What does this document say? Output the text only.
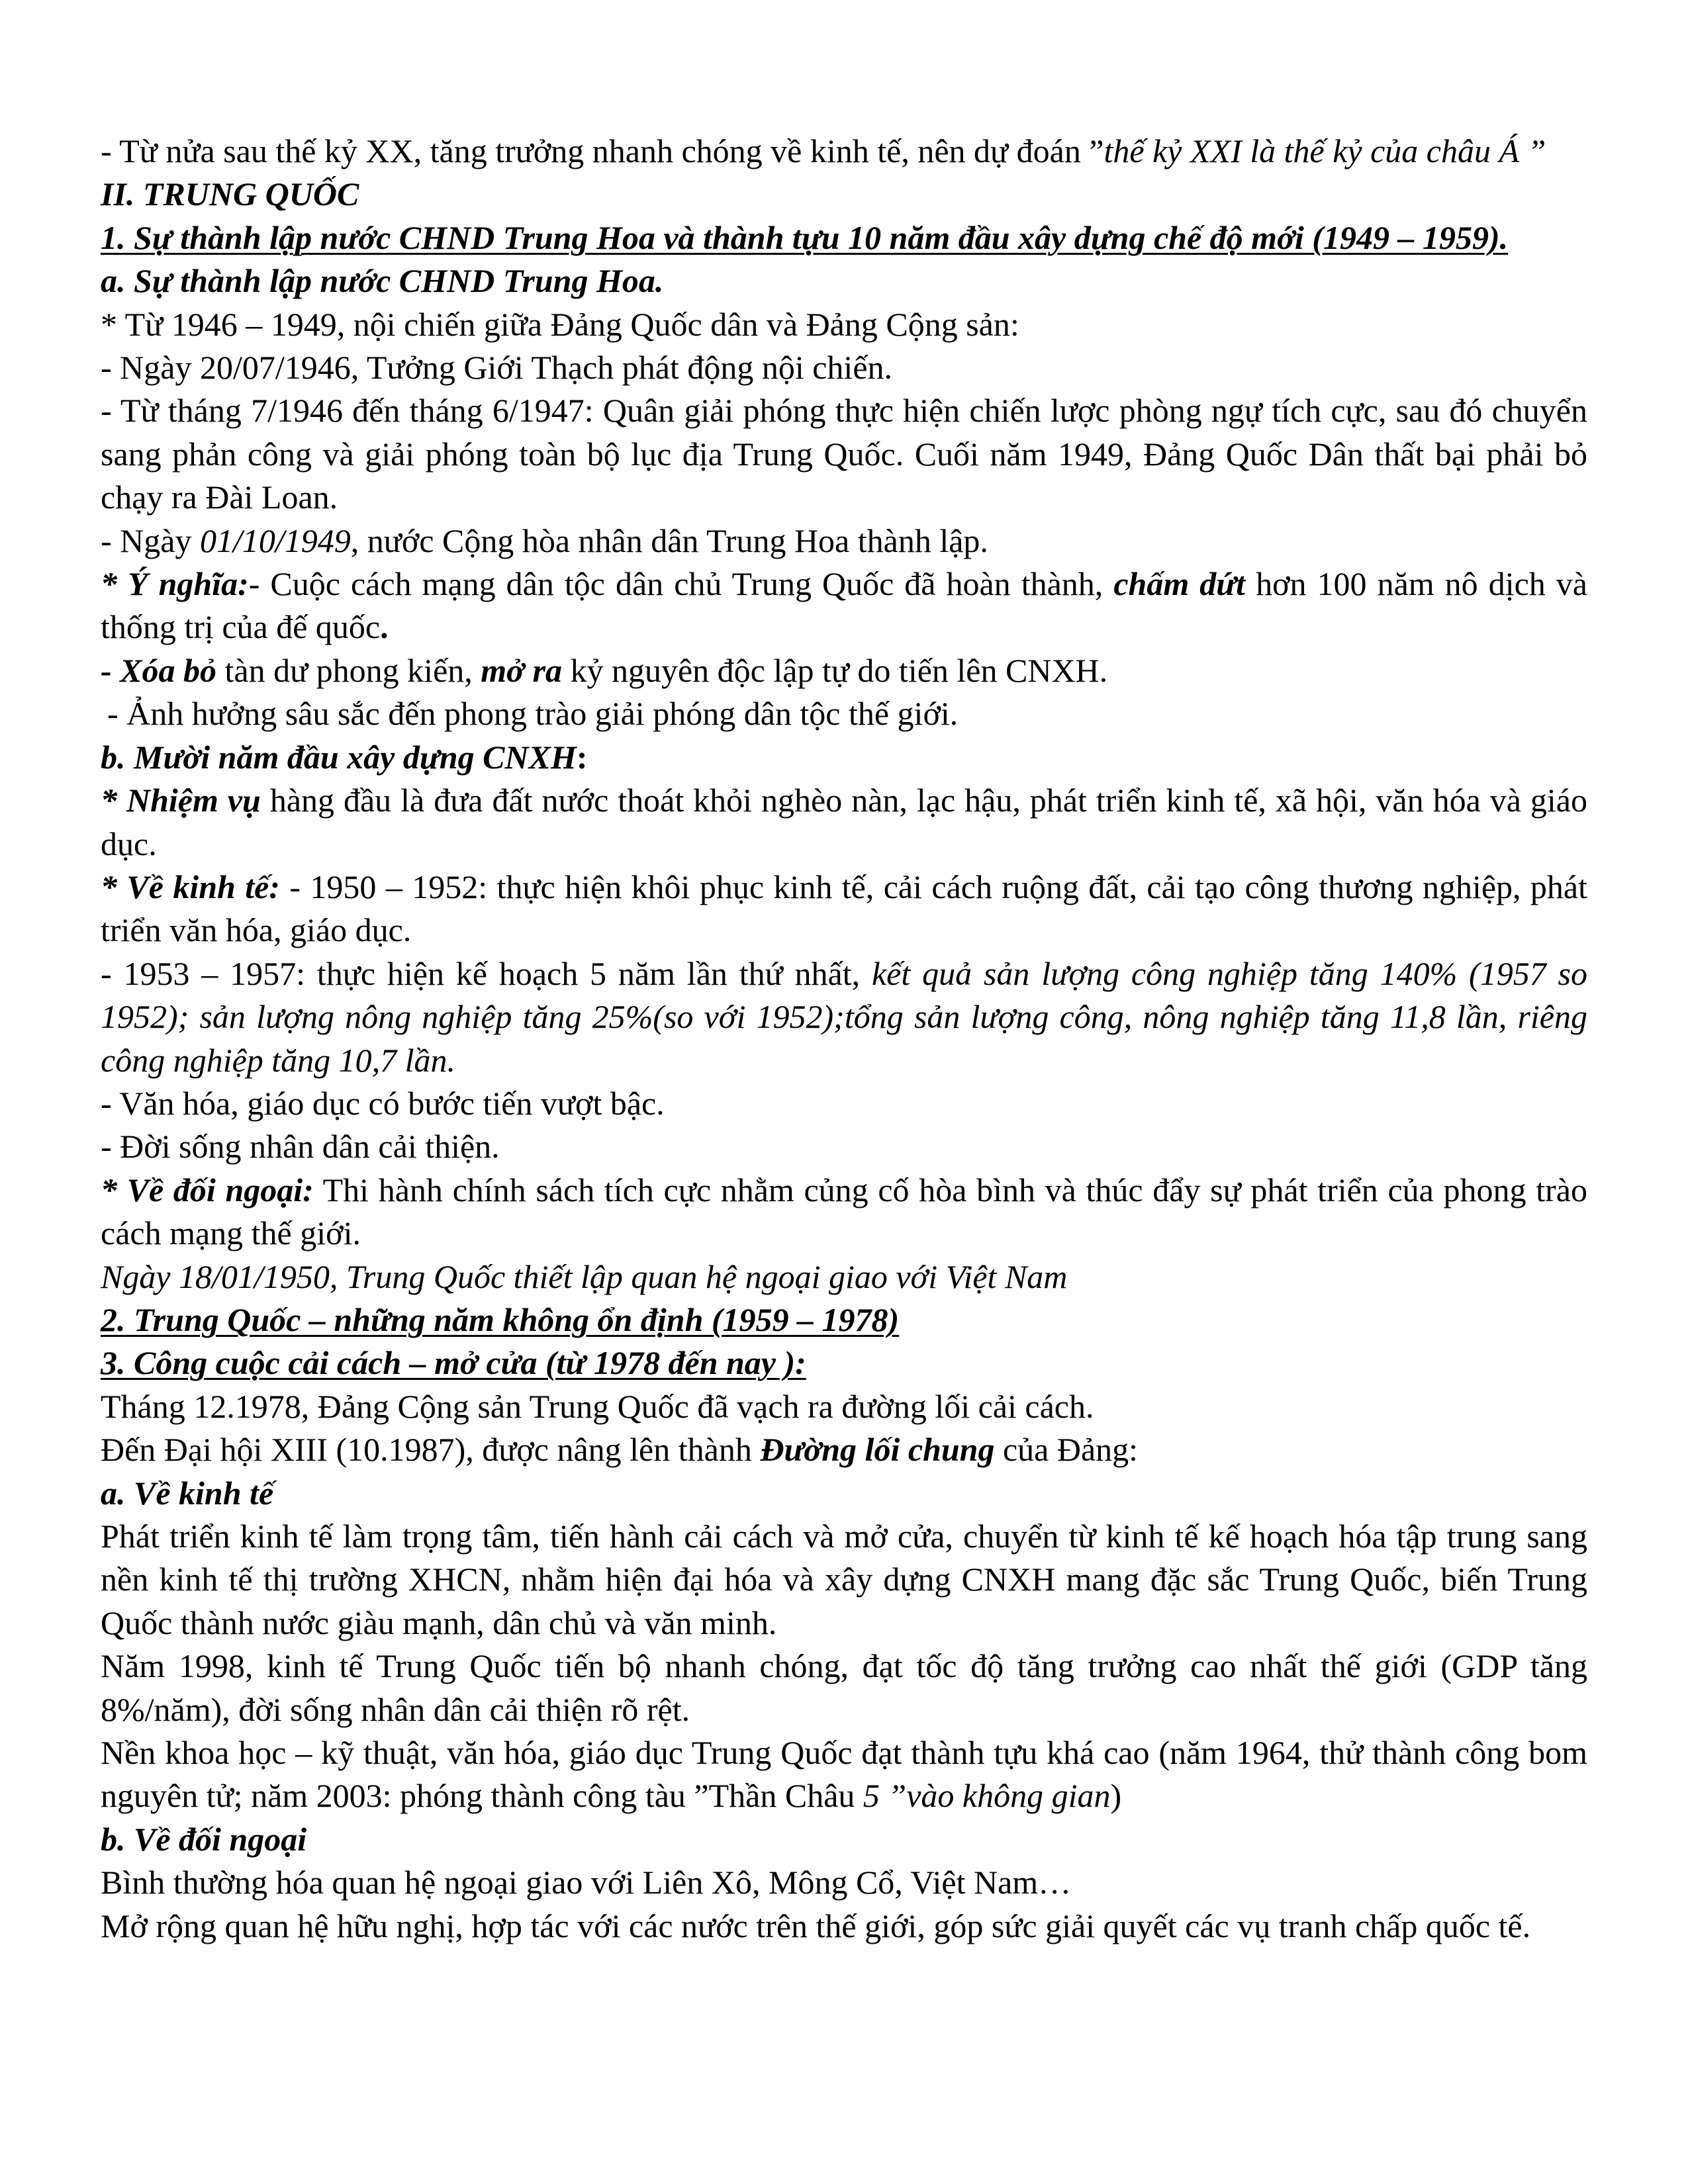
- Từ nửa sau thế kỷ XX, tăng trưởng nhanh chóng về kinh tế, nên dự đoán ”thế kỷ XXI là thế kỷ của châu Á ”

II. TRUNG QUỐC

1. Sự thành lập nước CHND Trung Hoa và thành tựu 10 năm đầu xây dựng chế độ mới (1949 – 1959).

a. Sự thành lập nước CHND Trung Hoa.

* Từ 1946 – 1949, nội chiến giữa Đảng Quốc dân và Đảng Cộng sản:

- Ngày 20/07/1946, Tưởng Giới Thạch phát động nội chiến.

- Từ tháng 7/1946 đến tháng 6/1947: Quân giải phóng thực hiện chiến lược phòng ngự tích cực, sau đó chuyển sang phản công và giải phóng toàn bộ lục địa Trung Quốc. Cuối năm 1949, Đảng Quốc Dân thất bại phải bỏ chạy ra Đài Loan.

- Ngày 01/10/1949, nước Cộng hòa nhân dân Trung Hoa thành lập.

* Ý nghĩa:- Cuộc cách mạng dân tộc dân chủ Trung Quốc đã hoàn thành, chấm dứt hơn 100 năm nô dịch và thống trị của đế quốc.

- Xóa bỏ tàn dư phong kiến, mở ra kỷ nguyên độc lập tự do tiến lên CNXH.

- Ảnh hưởng sâu sắc đến phong trào giải phóng dân tộc thế giới.

b. Mười năm đầu xây dựng CNXH:

* Nhiệm vụ hàng đầu là đưa đất nước thoát khỏi nghèo nàn, lạc hậu, phát triển kinh tế, xã hội, văn hóa và giáo dục.

* Về kinh tế: - 1950 – 1952: thực hiện khôi phục kinh tế, cải cách ruộng đất, cải tạo công thương nghiệp, phát triển văn hóa, giáo dục.

- 1953 – 1957: thực hiện kế hoạch 5 năm lần thứ nhất, kết quả sản lượng công nghiệp tăng 140% (1957 so 1952); sản lượng nông nghiệp tăng 25%(so với 1952);tổng sản lượng công, nông nghiệp tăng 11,8 lần, riêng công nghiệp tăng 10,7 lần.

- Văn hóa, giáo dục có bước tiến vượt bậc.

- Đời sống nhân dân cải thiện.

* Về đối ngoại: Thi hành chính sách tích cực nhằm củng cố hòa bình và thúc đẩy sự phát triển của phong trào cách mạng thế giới.

Ngày 18/01/1950, Trung Quốc thiết lập quan hệ ngoại giao với Việt Nam

2. Trung Quốc – những năm không ổn định (1959 – 1978)

3. Công cuộc cải cách – mở cửa (từ 1978 đến nay ):

Tháng 12.1978, Đảng Cộng sản Trung Quốc đã vạch ra đường lối cải cách.

Đến Đại hội XIII (10.1987), được nâng lên thành Đường lối chung của Đảng:

a. Về kinh tế

Phát triển kinh tế làm trọng tâm, tiến hành cải cách và mở cửa, chuyển từ kinh tế kế hoạch hóa tập trung sang nền kinh tế thị trường XHCN, nhằm hiện đại hóa và xây dựng CNXH mang đặc sắc Trung Quốc, biến Trung Quốc thành nước giàu mạnh, dân chủ và văn minh.

Năm 1998, kinh tế Trung Quốc tiến bộ nhanh chóng, đạt tốc độ tăng trưởng cao nhất thế giới (GDP tăng 8%/năm), đời sống nhân dân cải thiện rõ rệt.

Nền khoa học – kỹ thuật, văn hóa, giáo dục Trung Quốc đạt thành tựu khá cao (năm 1964, thử thành công bom nguyên tử; năm 2003: phóng thành công tàu ”Thần Châu 5 ”vào không gian)

b. Về đối ngoại

Bình thường hóa quan hệ ngoại giao với Liên Xô, Mông Cổ, Việt Nam…

Mở rộng quan hệ hữu nghị, hợp tác với các nước trên thế giới, góp sức giải quyết các vụ tranh chấp quốc tế.
